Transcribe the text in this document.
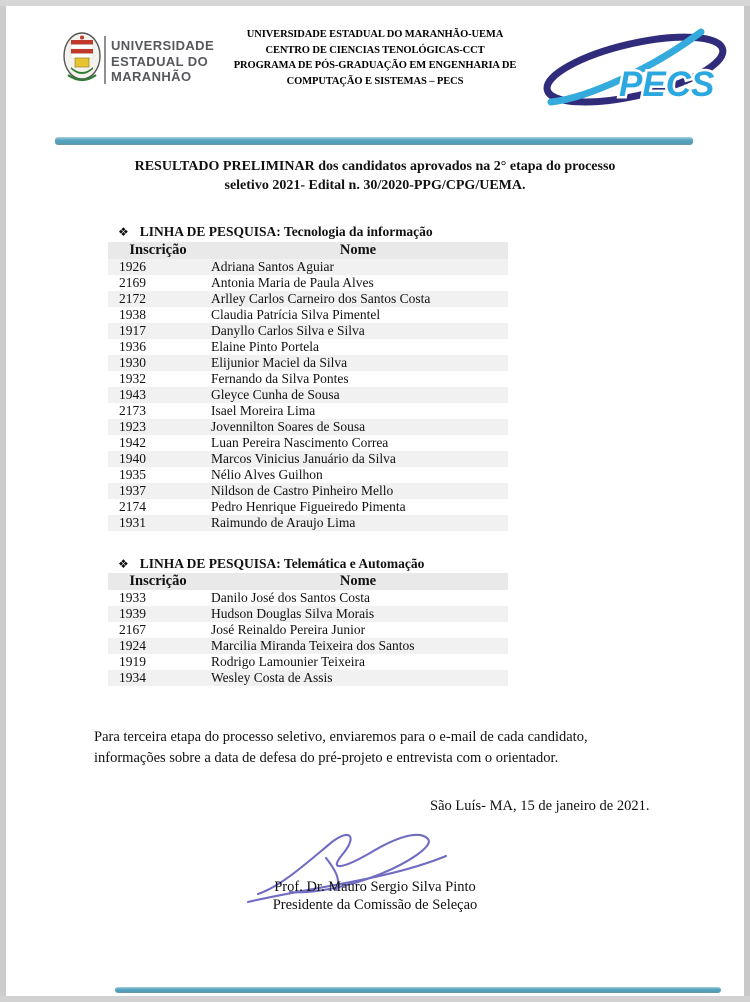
UNIVERSIDADE
ESTADUAL DO
MARANHÃO
UNIVERSIDADE ESTADUAL DO MARANHÃO-UEMA
CENTRO DE CIENCIAS TENOLÓGICAS-CCT
PROGRAMA DE PÓS-GRADUAÇÃO EM ENGENHARIA DE
COMPUTAÇÃO E SISTEMAS – PECS	PECS
RESULTADO PRELIMINAR dos candidatos aprovados na 2° etapa do processo
seletivo 2021- Edital n. 30/2020-PPG/CPG/UEMA.
❖ LINHA DE PESQUISA: Tecnologia da informação
Inscrição	Nome
1926	Adriana Santos Aguiar
2169	Antonia Maria de Paula Alves
2172	Arlley Carlos Carneiro dos Santos Costa
1938	Claudia Patrícia Silva Pimentel
1917	Danyllo Carlos Silva e Silva
1936	Elaine Pinto Portela
1930	Elijunior Maciel da Silva
1932	Fernando da Silva Pontes
1943	Gleyce Cunha de Sousa
2173	Isael Moreira Lima
1923	Jovennilton Soares de Sousa
1942	Luan Pereira Nascimento Correa
1940	Marcos Vinicius Januário da Silva
1935	Nélio Alves Guilhon
1937	Nildson de Castro Pinheiro Mello
2174	Pedro Henrique Figueiredo Pimenta
1931	Raimundo de Araujo Lima
❖ LINHA DE PESQUISA: Telemática e Automação
Inscrição	Nome
1933	Danilo José dos Santos Costa
1939	Hudson Douglas Silva Morais
2167	José Reinaldo Pereira Junior
1924	Marcilia Miranda Teixeira dos Santos
1919	Rodrigo Lamounier Teixeira
1934	Wesley Costa de Assis
Para terceira etapa do processo seletivo, enviaremos para o e-mail de cada candidato,
informações sobre a data de defesa do pré-projeto e entrevista com o orientador.
São Luís- MA, 15 de janeiro de 2021.
Prof. Dr. Mauro Sergio Silva Pinto
Presidente da Comissão de Seleçao
